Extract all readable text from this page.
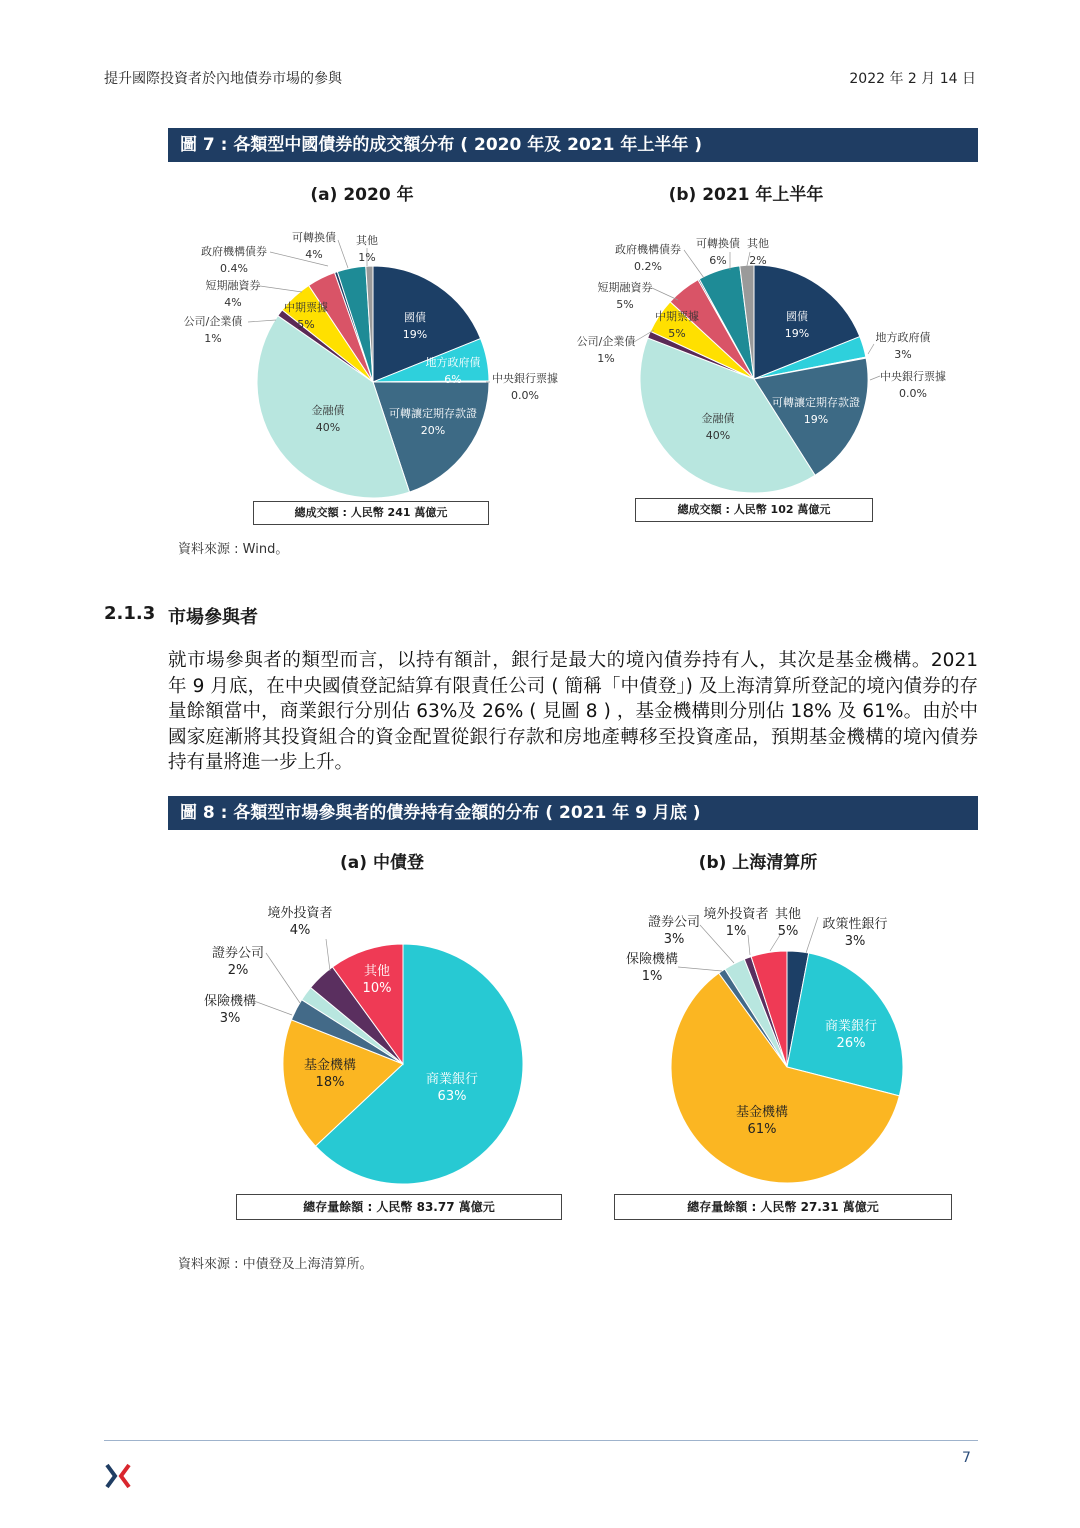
提升國際投資者於內地債券市場的參與	2022 年 2 月 14 日
圖 7 : 各類型中國債券的成交額分布 ( 2020 年及 2021 年上半年 )
(a) 2020 年	(b) 2021 年上半年
國債
19%
地方政府債
6%	中央銀行票據
0.0%
可轉讓定期存款證
20%
金融債
40%
公司/企業債
1%
中期票據
5%
短期融資券
4%
政府機構債券
0.4%
可轉換債
4%
其他
1%
國債
19%	地方政府債
3%
中央銀行票據
0.0%
可轉讓定期存款證
19%
金融債
40%
公司/企業債
1%
中期票據
5%
短期融資券
5%
政府機構債券
0.2%
可轉換債
6%
其他
2%
總成交額 : 人民幣 241 萬億元	總成交額 : 人民幣 102 萬億元
資料來源 : Wind。
2.1.3 市場參與者

就市場參與者的類型而言，以持有額計，銀行是最大的境內債券持有人，其次是基金機構。2021 年 9 月底，在中央國債登記結算有限責任公司 ( 簡稱「中債登」) 及上海清算所登記的境內債券的存量餘額當中，商業銀行分別佔 63%及 26% ( 見圖 8 ) ，基金機構則分別佔 18% 及 61%。由於中國家庭漸將其投資組合的資金配置從銀行存款和房地產轉移至投資產品，預期基金機構的境內債券持有量將進一步上升。

圖 8 : 各類型市場參與者的債券持有金額的分布 ( 2021 年 9 月底 )
(a) 中債登	(b) 上海清算所
商業銀行
63%
基金機構
18%
保險機構
3%
證券公司
2%
境外投資者
4%
其他
10%
政策性銀行
3%
商業銀行
26%
基金機構
61%
保險機構
1%
證券公司
3%
境外投資者
1%
其他
5%
總存量餘額 : 人民幣 83.77 萬億元	總存量餘額 : 人民幣 27.31 萬億元
資料來源 : 中債登及上海清算所。
7
